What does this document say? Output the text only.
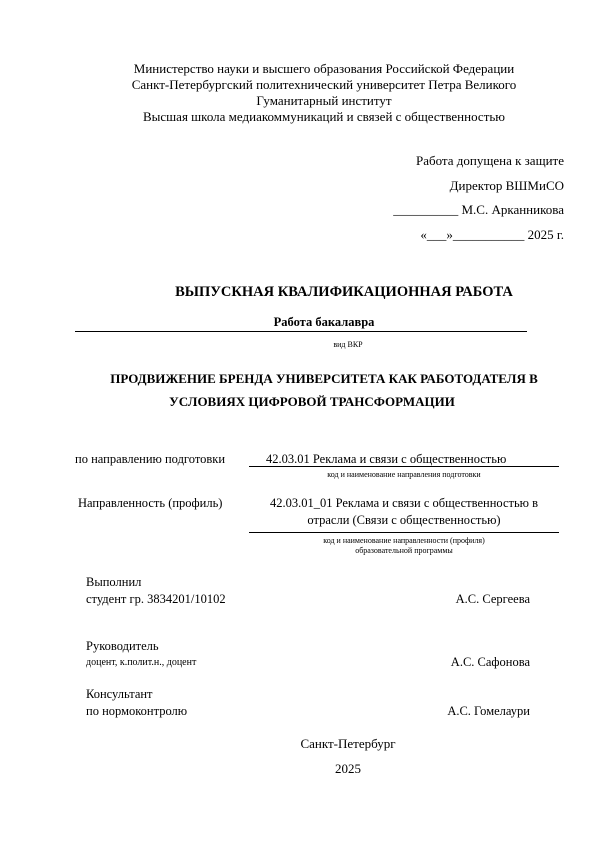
Министерство науки и высшего образования Российской Федерации
Санкт-Петербургский политехнический университет Петра Великого
Гуманитарный институт
Высшая школа медиакоммуникаций и связей с общественностью
Работа допущена к защите
Директор ВШМиСО
__________ М.С. Арканникова
«___»___________ 2025 г.
ВЫПУСКНАЯ КВАЛИФИКАЦИОННАЯ РАБОТА
Работа бакалавра
вид ВКР
ПРОДВИЖЕНИЕ БРЕНДА УНИВЕРСИТЕТА КАК РАБОТОДАТЕЛЯ В
УСЛОВИЯХ ЦИФРОВОЙ ТРАНСФОРМАЦИИ
по направлению подготовки	42.03.01 Реклама и связи с общественностью
код и наименование направления подготовки
Направленность (профиль)	42.03.01_01 Реклама и связи с общественностью в
отрасли (Связи с общественностью)
код и наименование направленности (профиля)
образовательной программы
Выполнил
студент гр. 3834201/10102	А.С. Сергеева
Руководитель
доцент, к.полит.н., доцент	А.С. Сафонова
Консультант
по нормоконтролю	А.С. Гомелаури
Санкт-Петербург
2025
